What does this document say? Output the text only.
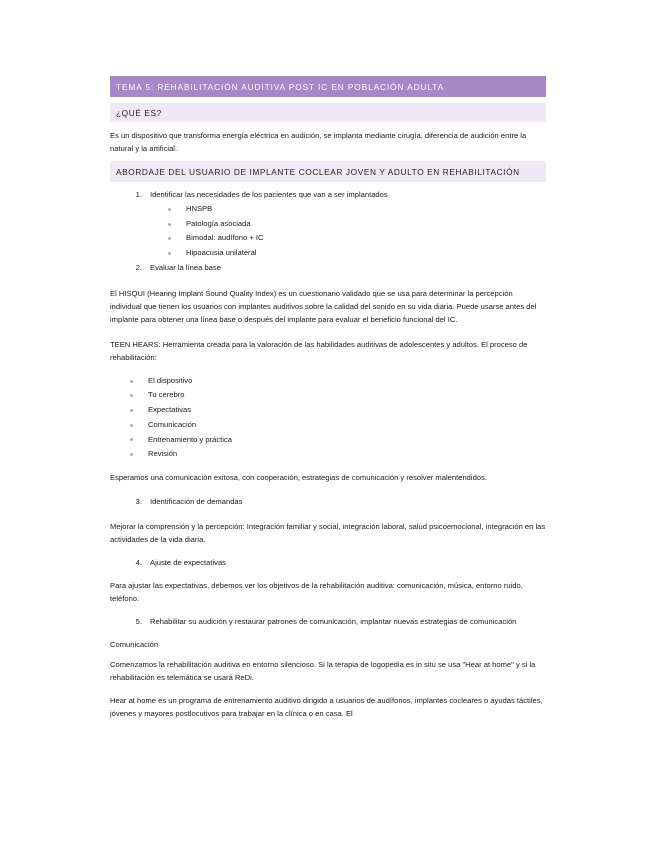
TEMA 5: REHABILITACIÓN AUDITIVA POST IC EN POBLACIÓN ADULTA
¿QUÉ ES?

Es un dispositivo que transforma energía eléctrica en audición, se implanta mediante cirugía, diferencia de audición entre la natural y la artificial.

ABORDAJE DEL USUARIO DE IMPLANTE COCLEAR JOVEN Y ADULTO EN REHABILITACIÓN
1. Identificar las necesidades de los pacientes que van a ser implantados
HNSPB
Patología asociada
Bimodal: audífono + IC
Hipoacusia unilateral
2. Evaluar la línea base

El HISQUI (Hearing Implant Sound Quality Index) es un cuestionario validado que se usa para determinar la percepción individual que tienen los usuarios con implantes auditivos sobre la calidad del sonido en su vida diaria. Puede usarse antes del implante para obtener una línea base o después del implante para evaluar el beneficio funcional del IC.

TEEN HEARS: Herramienta creada para la valoración de las habilidades auditivas de adolescentes y adultos. El proceso de rehabilitación:

El dispositivo
Tu cerebro
Expectativas
Comunicación
Entrenamiento y práctica
Revisión

Esperamos una comunicación exitosa, con cooperación, estrategias de comunicación y resolver malentendidos.

3. Identificación de demandas

Mejorar la comprensión y la percepción: Integración familiar y social, integración laboral, salud psicoemocional, integración en las actividades de la vida diaria.

4. Ajuste de expectativas

Para ajustar las expectativas, debemos ver los objetivos de la rehabilitación auditiva: comunicación, música, entorno ruido, teléfono.

5. Rehabilitar su audición y restaurar patrones de comunicación, implantar nuevas estrategias de comunicación

Comunicación

Comenzamos la rehabilitación auditiva en entorno silencioso. Si la terapia de logopedia es in situ se usa "Hear at home" y si la rehabilitación es telemática se usará ReDi.

Hear at home es un programa de entrenamiento auditivo dirigido a usuarios de audífonos, implantes cocleares o ayudas táctiles, jóvenes y mayores postlocutivos para trabajar en la clínica o en casa. El
